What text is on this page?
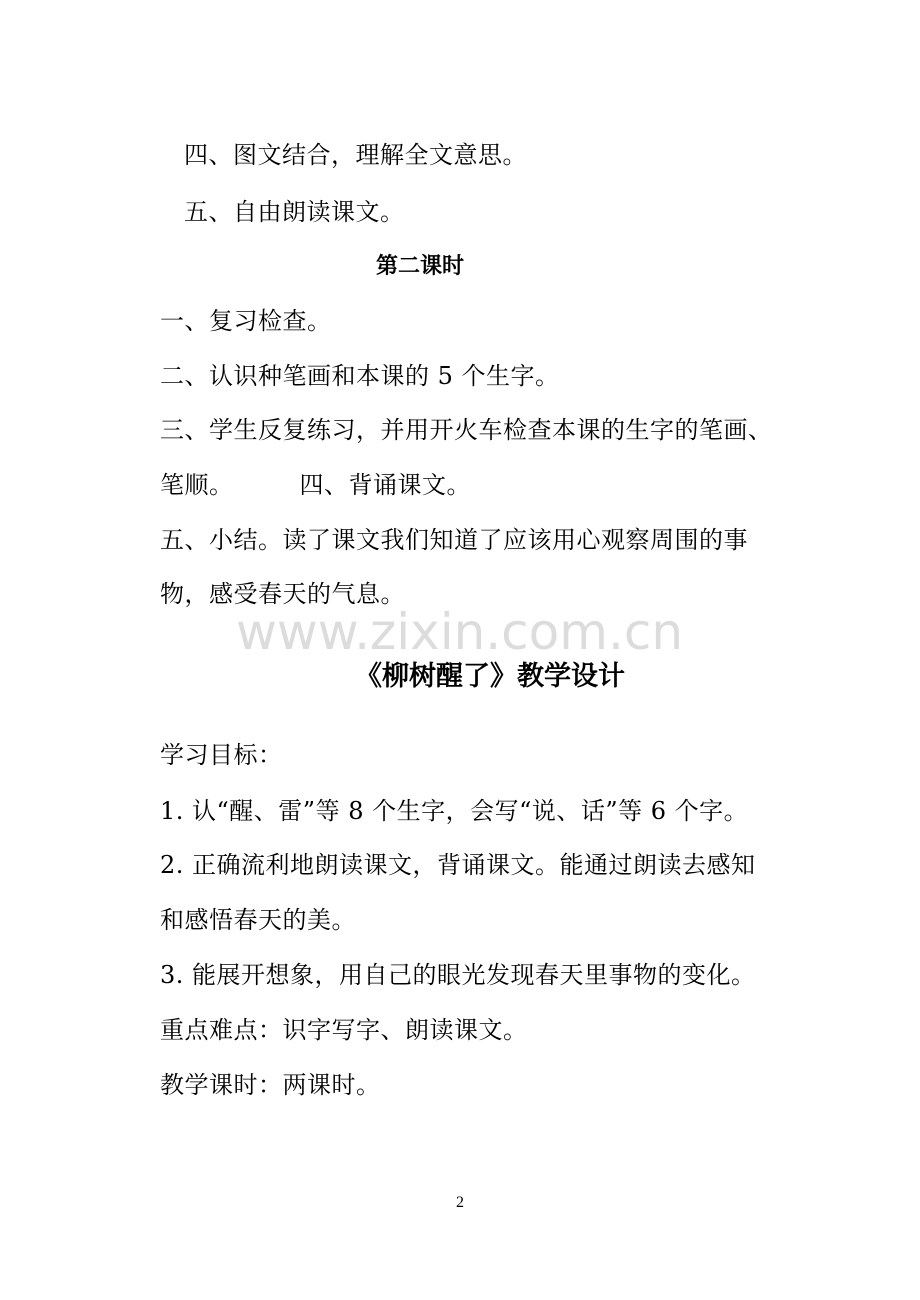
四、图文结合，理解全文意思。
五、自由朗读课文。
第二课时
一、复习检查。
二、认识种笔画和本课的 5 个生字。
三、学生反复练习，并用开火车检查本课的生字的笔画、
笔顺。	四、背诵课文。
五、小结。读了课文我们知道了应该用心观察周围的事
物，感受春天的气息。
www.zixin.com.cn
《柳树醒了》教学设计
学习目标：
1. 认“醒、雷”等 8 个生字，会写“说、话”等 6 个字。
2. 正确流利地朗读课文，背诵课文。能通过朗读去感知
和感悟春天的美。
3. 能展开想象，用自己的眼光发现春天里事物的变化。
重点难点：识字写字、朗读课文。
教学课时：两课时。
2
